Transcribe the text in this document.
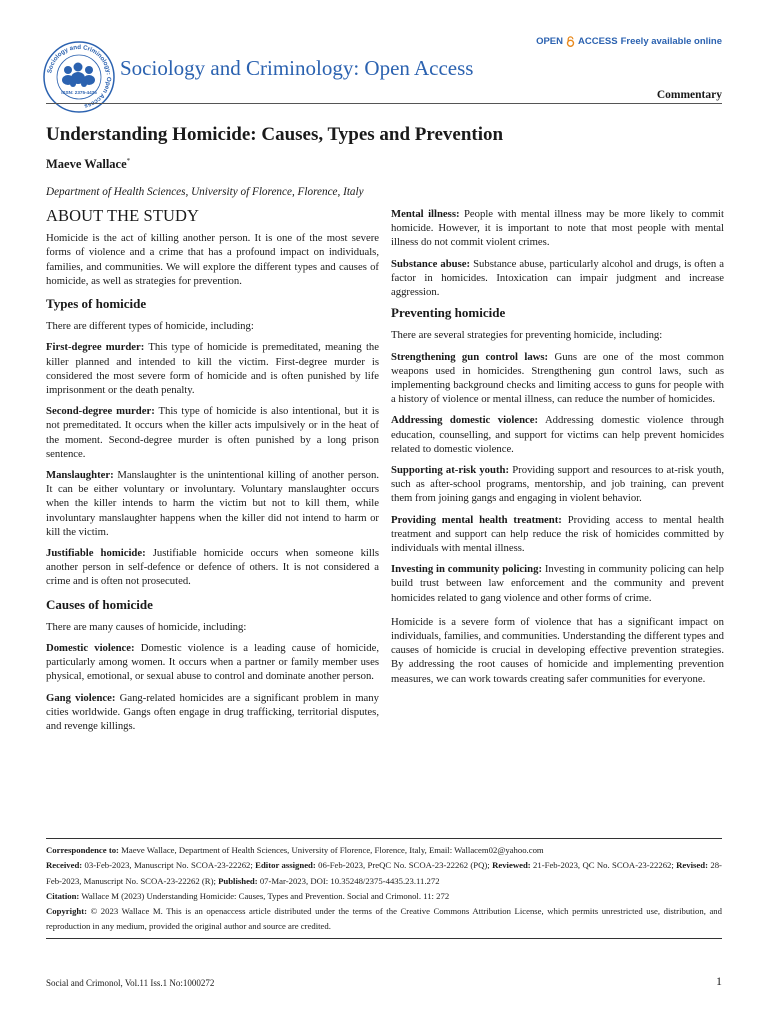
Sociology and Criminology: Open Access
ISSN: 2375-4435
Sociology and Criminology: Open Access
OPEN ACCESS Freely available online
Commentary
Understanding Homicide: Causes, Types and Prevention
Maeve Wallace*
Department of Health Sciences, University of Florence, Florence, Italy
ABOUT THE STUDY

Homicide is the act of killing another person. It is one of the most severe forms of violence and a crime that has a profound impact on individuals, families, and communities. We will explore the different types and causes of homicide, as well as strategies for prevention.

Types of homicide

There are different types of homicide, including:

First-degree murder: This type of homicide is premeditated, meaning the killer planned and intended to kill the victim. First-degree murder is considered the most severe form of homicide and is often punished by life imprisonment or the death penalty.

Second-degree murder: This type of homicide is also intentional, but it is not premeditated. It occurs when the killer acts impulsively or in the heat of the moment. Second-degree murder is often punished by a long prison sentence.

Manslaughter: Manslaughter is the unintentional killing of another person. It can be either voluntary or involuntary. Voluntary manslaughter occurs when the killer intends to harm the victim but not to kill them, while involuntary manslaughter happens when the killer did not intend to harm or kill the victim.

Justifiable homicide: Justifiable homicide occurs when someone kills another person in self-defence or defence of others. It is not considered a crime and is often not prosecuted.

Causes of homicide

There are many causes of homicide, including:

Domestic violence: Domestic violence is a leading cause of homicide, particularly among women. It occurs when a partner or family member uses physical, emotional, or sexual abuse to control and dominate another person.

Gang violence: Gang-related homicides are a significant problem in many cities worldwide. Gangs often engage in drug trafficking, territorial disputes, and revenge killings.

Mental illness: People with mental illness may be more likely to commit homicide. However, it is important to note that most people with mental illness do not commit violent crimes.

Substance abuse: Substance abuse, particularly alcohol and drugs, is often a factor in homicides. Intoxication can impair judgment and increase aggression.

Preventing homicide

There are several strategies for preventing homicide, including:

Strengthening gun control laws: Guns are one of the most common weapons used in homicides. Strengthening gun control laws, such as implementing background checks and limiting access to guns for people with a history of violence or mental illness, can reduce the number of homicides.

Addressing domestic violence: Addressing domestic violence through education, counselling, and support for victims can help prevent homicides related to domestic violence.

Supporting at-risk youth: Providing support and resources to at-risk youth, such as after-school programs, mentorship, and job training, can prevent them from joining gangs and engaging in violent behavior.

Providing mental health treatment: Providing access to mental health treatment and support can help reduce the risk of homicides committed by individuals with mental illness.

Investing in community policing: Investing in community policing can help build trust between law enforcement and the community and prevent homicides related to gang violence and other forms of crime.

Homicide is a severe form of violence that has a significant impact on individuals, families, and communities. Understanding the different types and causes of homicide is crucial in developing effective prevention strategies. By addressing the root causes of homicide and implementing prevention measures, we can work towards creating safer communities for everyone.

Correspondence to: Maeve Wallace, Department of Health Sciences, University of Florence, Florence, Italy, Email: Wallacem02@yahoo.com

Received: 03-Feb-2023, Manuscript No. SCOA-23-22262; Editor assigned: 06-Feb-2023, PreQC No. SCOA-23-22262 (PQ); Reviewed: 21-Feb-2023, QC No. SCOA-23-22262; Revised: 28-Feb-2023, Manuscript No. SCOA-23-22262 (R); Published: 07-Mar-2023, DOI: 10.35248/2375-4435.23.11.272

Citation: Wallace M (2023) Understanding Homicide: Causes, Types and Prevention. Social and Crimonol. 11: 272

Copyright: © 2023 Wallace M. This is an openaccess article distributed under the terms of the Creative Commons Attribution License, which permits unrestricted use, distribution, and reproduction in any medium, provided the original author and source are credited.

Social and Crimonol, Vol.11 Iss.1 No:1000272	1
